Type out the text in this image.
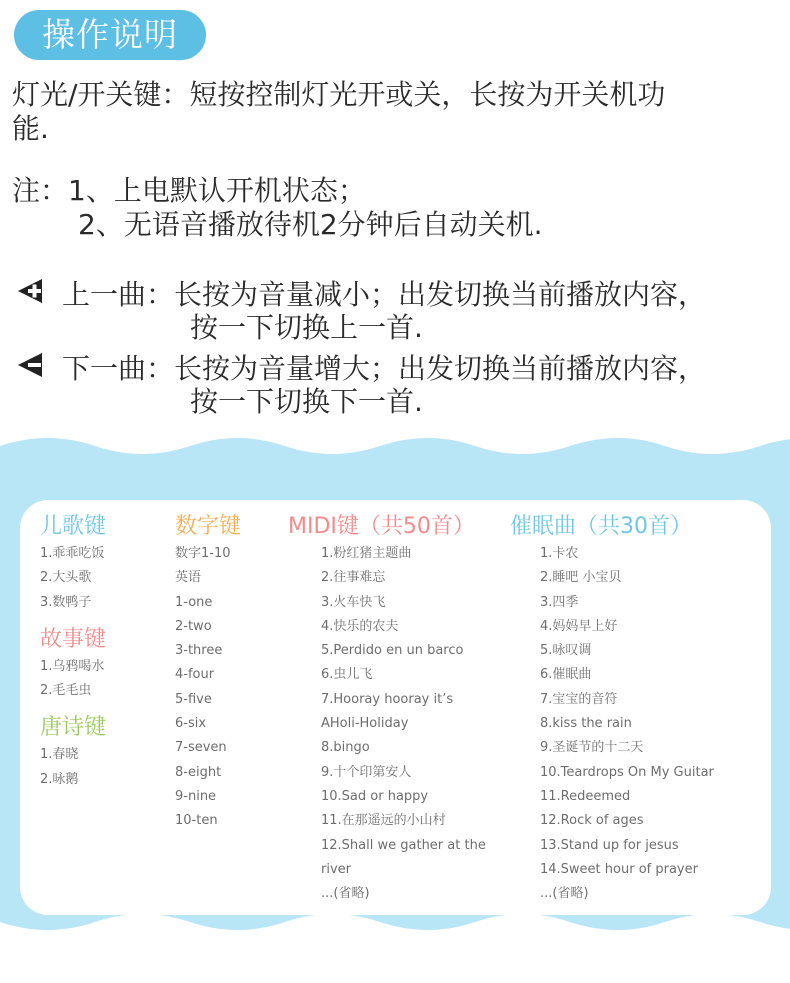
操作说明
灯光/开关键：短按控制灯光开或关，长按为开关机功
能.
注：1、上电默认开机状态；
2、无语音播放待机2分钟后自动关机.
上一曲：长按为音量减小；出发切换当前播放内容，
按一下切换上一首.
下一曲：长按为音量增大；出发切换当前播放内容，
按一下切换下一首.
儿歌键
1.乖乖吃饭
2.大头歌
3.数鸭子
故事键
1.乌鸦喝水
2.毛毛虫
唐诗键
1.春晓
2.咏鹅
数字键
数字1-10
英语
1-one
2-two
3-three
4-four
5-five
6-six
7-seven
8-eight
9-nine
10-ten
MIDI键（共50首）
1.粉红猪主题曲
2.往事难忘
3.火车快飞
4.快乐的农夫
5.Perdido en un barco
6.虫儿飞
7.Hooray hooray it’s
AHoli-Holiday
8.bingo
9.十个印第安人
10.Sad or happy
11.在那遥远的小山村
12.Shall we gather at the
river
...(省略)
催眠曲（共30首）
1.卡农
2.睡吧 小宝贝
3.四季
4.妈妈早上好
5.咏叹调
6.催眠曲
7.宝宝的音符
8.kiss the rain
9.圣诞节的十二天
10.Teardrops On My Guitar
11.Redeemed
12.Rock of ages
13.Stand up for jesus
14.Sweet hour of prayer
...(省略)
